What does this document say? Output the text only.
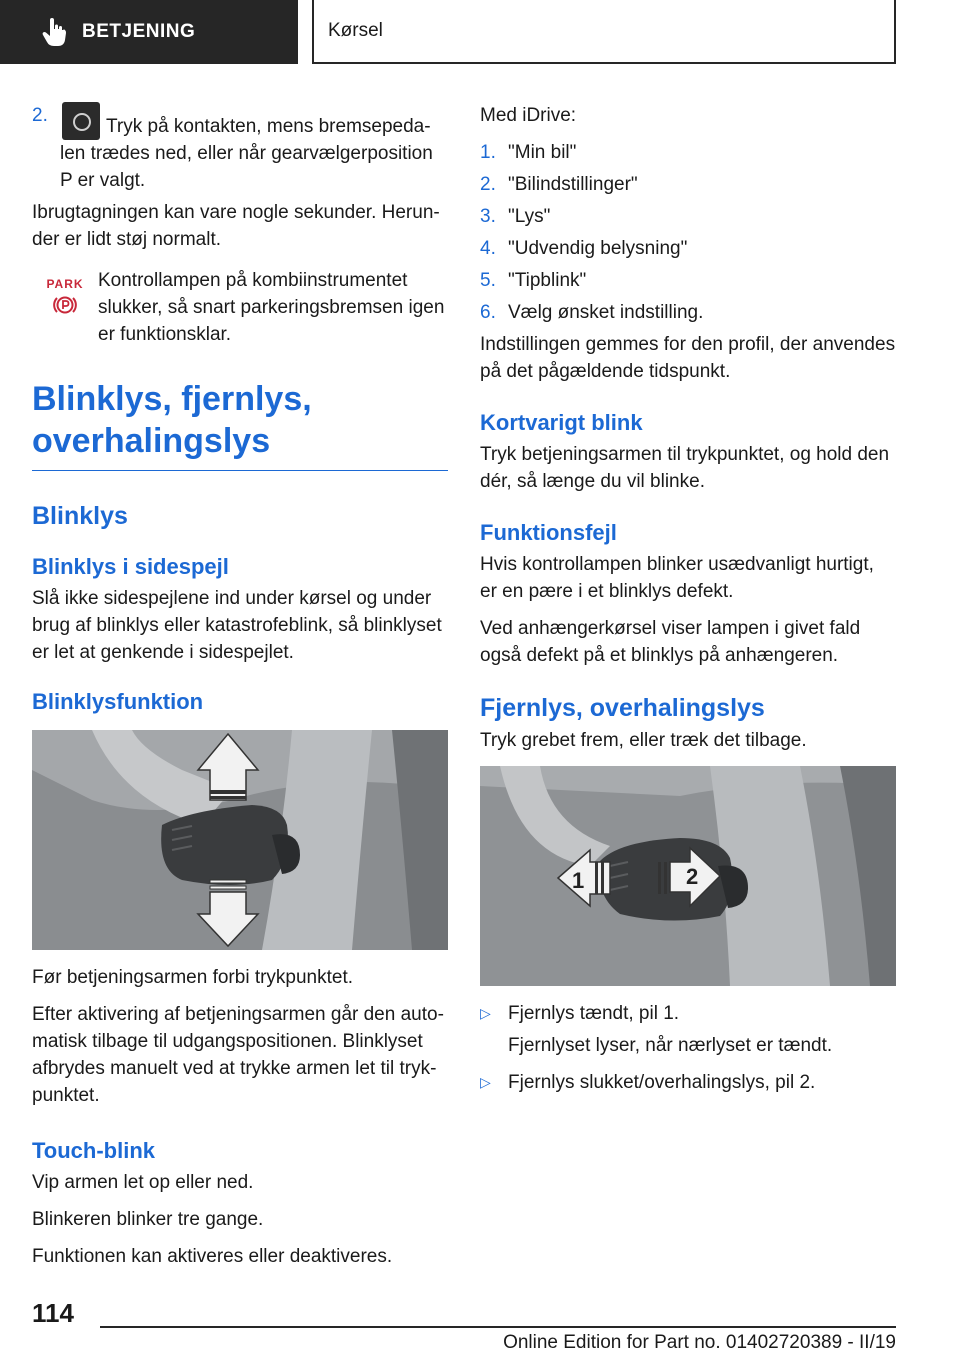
BETJENING	Kørsel
2.
Tryk på kontakten, mens bremsepedalen trædes ned, eller når gearvælgerposition P er valgt.

Ibrugtagningen kan vare nogle sekunder. Herunder er lidt støj normalt.

PARK Kontrollampen på kombiinstrumentet slukker, så snart parkeringsbremsen igen er funktionsklar.
Blinklys, fjernlys, overhalingslys
Blinklys
Blinklys i sidespejl

Slå ikke sidespejlene ind under kørsel og under brug af blinklys eller katastrofeblink, så blinklyset er let at genkende i sidespejlet.

Blinklysfunktion

Før betjeningsarmen forbi trykpunktet.

Efter aktivering af betjeningsarmen går den automatisk tilbage til udgangspositionen. Blinklyset afbrydes manuelt ved at trykke armen let til trykpunktet.

Touch-blink

Vip armen let op eller ned.

Blinkeren blinker tre gange.

Funktionen kan aktiveres eller deaktiveres.

Med iDrive:

1. "Min bil"
2. "Bilindstillinger"
3. "Lys"
4. "Udvendig belysning"
5. "Tipblink"
6. Vælg ønsket indstilling.

Indstillingen gemmes for den profil, der anvendes på det pågældende tidspunkt.

Kortvarigt blink

Tryk betjeningsarmen til trykpunktet, og hold den dér, så længe du vil blinke.

Funktionsfejl

Hvis kontrollampen blinker usædvanligt hurtigt, er en pære i et blinklys defekt.

Ved anhængerkørsel viser lampen i givet fald også defekt på et blinklys på anhængeren.

Fjernlys, overhalingslys

Tryk grebet frem, eller træk det tilbage.

1	2
▷ Fjernlys tændt, pil 1.

Fjernlyset lyser, når nærlyset er tændt.

▷ Fjernlys slukket/overhalingslys, pil 2.
114
Online Edition for Part no. 01402720389 - II/19
